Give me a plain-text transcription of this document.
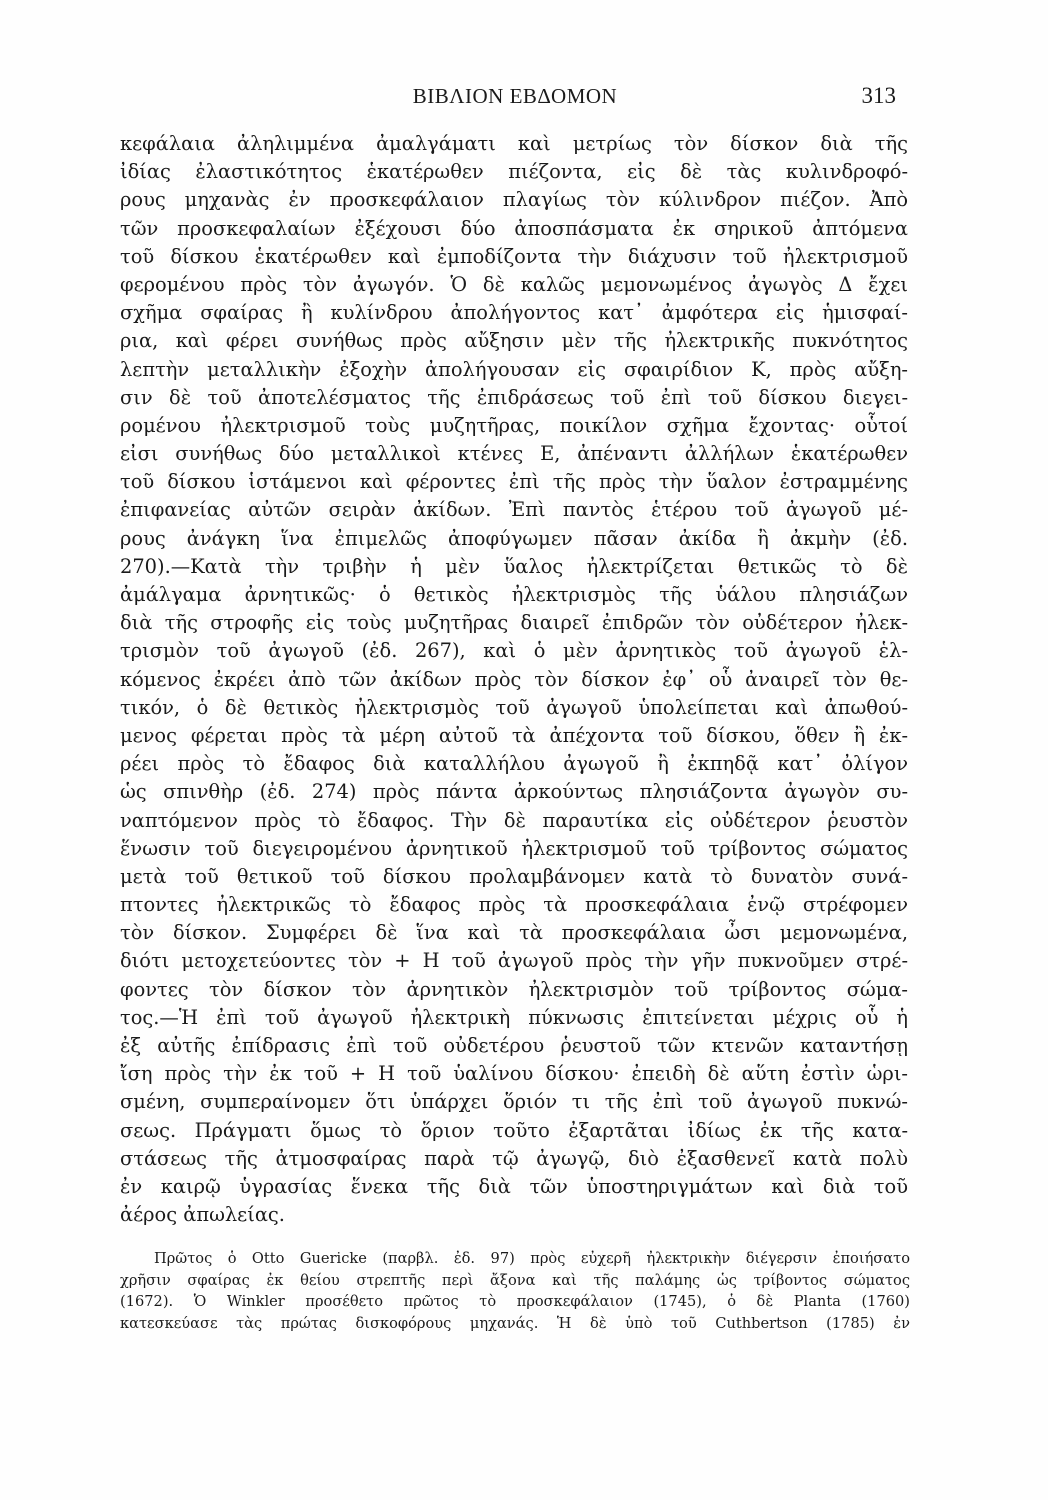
ΒΙΒΛΙΟΝ ΕΒΔΟΜΟΝ	313
κεφάλαια ἀληλιμμένα ἀμαλγάματι καὶ μετρίως τὸν δίσκον διὰ τῆς
ἰδίας ἐλαστικότητος ἑκατέρωθεν πιέζοντα, εἰς δὲ τὰς κυλινδροφό-
ρους μηχανὰς ἐν προσκεφάλαιον πλαγίως τὸν κύλινδρον πιέζον. Ἀπὸ
τῶν προσκεφαλαίων ἐξέχουσι δύο ἀποσπάσματα ἐκ σηρικοῦ ἀπτόμενα
τοῦ δίσκου ἑκατέρωθεν καὶ ἐμποδίζοντα τὴν διάχυσιν τοῦ ἠλεκτρισμοῦ
φερομένου πρὸς τὸν ἀγωγόν. Ὁ δὲ καλῶς μεμονωμένος ἀγωγὸς Δ ἔχει
σχῆμα σφαίρας ἢ κυλίνδρου ἀπολήγοντος κατ᾽ ἀμφότερα εἰς ἡμισφαί-
ρια, καὶ φέρει συνήθως πρὸς αὔξησιν μὲν τῆς ἠλεκτρικῆς πυκνότητος
λεπτὴν μεταλλικὴν ἐξοχὴν ἀπολήγουσαν εἰς σφαιρίδιον Κ, πρὸς αὔξη-
σιν δὲ τοῦ ἀποτελέσματος τῆς ἐπιδράσεως τοῦ ἐπὶ τοῦ δίσκου διεγει-
ρομένου ἠλεκτρισμοῦ τοὺς μυζητῆρας, ποικίλον σχῆμα ἔχοντας· οὗτοί
εἰσι συνήθως δύο μεταλλικοὶ κτένες Ε, ἀπέναντι ἀλλήλων ἑκατέρωθεν
τοῦ δίσκου ἱστάμενοι καὶ φέροντες ἐπὶ τῆς πρὸς τὴν ὕαλον ἐστραμμένης
ἐπιφανείας αὐτῶν σειρὰν ἀκίδων. Ἐπὶ παντὸς ἑτέρου τοῦ ἀγωγοῦ μέ-
ρους ἀνάγκη ἵνα ἐπιμελῶς ἀποφύγωμεν πᾶσαν ἀκίδα ἢ ἀκμὴν (ἐδ.
270).—Κατὰ τὴν τριβὴν ἡ μὲν ὕαλος ἠλεκτρίζεται θετικῶς τὸ δὲ
ἀμάλγαμα ἀρνητικῶς· ὁ θετικὸς ἠλεκτρισμὸς τῆς ὑάλου πλησιάζων
διὰ τῆς στροφῆς εἰς τοὺς μυζητῆρας διαιρεῖ ἐπιδρῶν τὸν οὐδέτερον ἠλεκ-
τρισμὸν τοῦ ἀγωγοῦ (ἐδ. 267), καὶ ὁ μὲν ἀρνητικὸς τοῦ ἀγωγοῦ ἑλ-
κόμενος ἐκρέει ἀπὸ τῶν ἀκίδων πρὸς τὸν δίσκον ἐφ᾽ οὗ ἀναιρεῖ τὸν θε-
τικόν, ὁ δὲ θετικὸς ἠλεκτρισμὸς τοῦ ἀγωγοῦ ὑπολείπεται καὶ ἀπωθού-
μενος φέρεται πρὸς τὰ μέρη αὐτοῦ τὰ ἀπέχοντα τοῦ δίσκου, ὅθεν ἢ ἐκ-
ρέει πρὸς τὸ ἔδαφος διὰ καταλλήλου ἀγωγοῦ ἢ ἐκπηδᾷ κατ᾽ ὀλίγον
ὡς σπινθὴρ (ἐδ. 274) πρὸς πάντα ἀρκούντως πλησιάζοντα ἀγωγὸν συ-
ναπτόμενον πρὸς τὸ ἔδαφος. Τὴν δὲ παραυτίκα εἰς οὐδέτερον ῥευστὸν
ἕνωσιν τοῦ διεγειρομένου ἀρνητικοῦ ἠλεκτρισμοῦ τοῦ τρίβοντος σώματος
μετὰ τοῦ θετικοῦ τοῦ δίσκου προλαμβάνομεν κατὰ τὸ δυνατὸν συνά-
πτοντες ἠλεκτρικῶς τὸ ἔδαφος πρὸς τὰ προσκεφάλαια ἐνῷ στρέφομεν
τὸν δίσκον. Συμφέρει δὲ ἵνα καὶ τὰ προσκεφάλαια ὦσι μεμονωμένα,
διότι μετοχετεύοντες τὸν + Η τοῦ ἀγωγοῦ πρὸς τὴν γῆν πυκνοῦμεν στρέ-
φοντες τὸν δίσκον τὸν ἀρνητικὸν ἠλεκτρισμὸν τοῦ τρίβοντος σώμα-
τος.—Ἡ ἐπὶ τοῦ ἀγωγοῦ ἠλεκτρικὴ πύκνωσις ἐπιτείνεται μέχρις οὗ ἡ
ἐξ αὐτῆς ἐπίδρασις ἐπὶ τοῦ οὐδετέρου ῥευστοῦ τῶν κτενῶν καταντήσῃ
ἴση πρὸς τὴν ἐκ τοῦ + Η τοῦ ὑαλίνου δίσκου· ἐπειδὴ δὲ αὕτη ἐστὶν ὡρι-
σμένη, συμπεραίνομεν ὅτι ὑπάρχει ὅριόν τι τῆς ἐπὶ τοῦ ἀγωγοῦ πυκνώ-
σεως. Πράγματι ὅμως τὸ ὅριον τοῦτο ἐξαρτᾶται ἰδίως ἐκ τῆς κατα-
στάσεως τῆς ἀτμοσφαίρας παρὰ τῷ ἀγωγῷ, διὸ ἐξασθενεῖ κατὰ πολὺ
ἐν καιρῷ ὑγρασίας ἕνεκα τῆς διὰ τῶν ὑποστηριγμάτων καὶ διὰ τοῦ
ἀέρος ἀπωλείας.
Πρῶτος ὁ Otto Guericke (παρβλ. ἐδ. 97) πρὸς εὐχερῆ ἠλεκτρικὴν διέγερσιν ἐποιήσατο
χρῆσιν σφαίρας ἐκ θείου στρεπτῆς περὶ ἄξονα καὶ τῆς παλάμης ὡς τρίβοντος σώματος
(1672). Ὁ Winkler προσέθετο πρῶτος τὸ προσκεφάλαιον (1745), ὁ δὲ Planta (1760)
κατεσκεύασε τὰς πρώτας δισκοφόρους μηχανάς. Ἡ δὲ ὑπὸ τοῦ Cuthbertson (1785) ἐν
